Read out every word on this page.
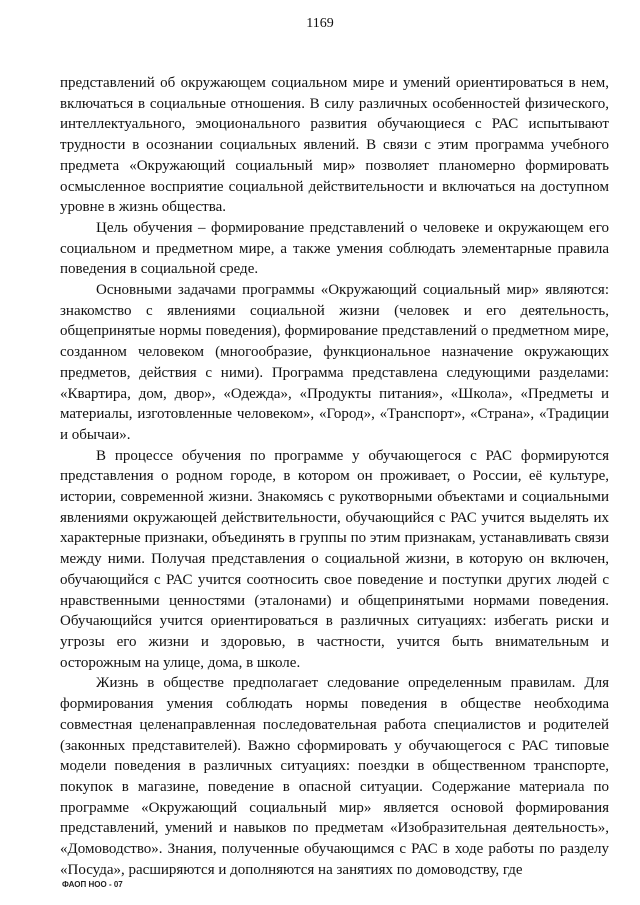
1169

представлений об окружающем социальном мире и умений ориентироваться в нем, включаться в социальные отношения. В силу различных особенностей физического, интеллектуального, эмоционального развития обучающиеся с РАС испытывают трудности в осознании социальных явлений. В связи с этим программа учебного предмета «Окружающий социальный мир» позволяет планомерно формировать осмысленное восприятие социальной действительности и включаться на доступном уровне в жизнь общества.

Цель обучения – формирование представлений о человеке и окружающем его социальном и предметном мире, а также умения соблюдать элементарные правила поведения в социальной среде.

Основными задачами программы «Окружающий социальный мир» являются: знакомство с явлениями социальной жизни (человек и его деятельность, общепринятые нормы поведения), формирование представлений о предметном мире, созданном человеком (многообразие, функциональное назначение окружающих предметов, действия с ними). Программа представлена следующими разделами: «Квартира, дом, двор», «Одежда», «Продукты питания», «Школа», «Предметы и материалы, изготовленные человеком», «Город», «Транспорт», «Страна», «Традиции и обычаи».

В процессе обучения по программе у обучающегося с РАС формируются представления о родном городе, в котором он проживает, о России, её культуре, истории, современной жизни. Знакомясь с рукотворными объектами и социальными явлениями окружающей действительности, обучающийся с РАС учится выделять их характерные признаки, объединять в группы по этим признакам, устанавливать связи между ними. Получая представления о социальной жизни, в которую он включен, обучающийся с РАС учится соотносить свое поведение и поступки других людей с нравственными ценностями (эталонами) и общепринятыми нормами поведения. Обучающийся учится ориентироваться в различных ситуациях: избегать риски и угрозы его жизни и здоровью, в частности, учится быть внимательным и осторожным на улице, дома, в школе.

Жизнь в обществе предполагает следование определенным правилам. Для формирования умения соблюдать нормы поведения в обществе необходима совместная целенаправленная последовательная работа специалистов и родителей (законных представителей). Важно сформировать у обучающегося с РАС типовые модели поведения в различных ситуациях: поездки в общественном транспорте, покупок в магазине, поведение в опасной ситуации. Содержание материала по программе «Окружающий социальный мир» является основой формирования представлений, умений и навыков по предметам «Изобразительная деятельность», «Домоводство». Знания, полученные обучающимся с РАС в ходе работы по разделу «Посуда», расширяются и дополняются на занятиях по домоводству, где

ФАОП НОО - 07
